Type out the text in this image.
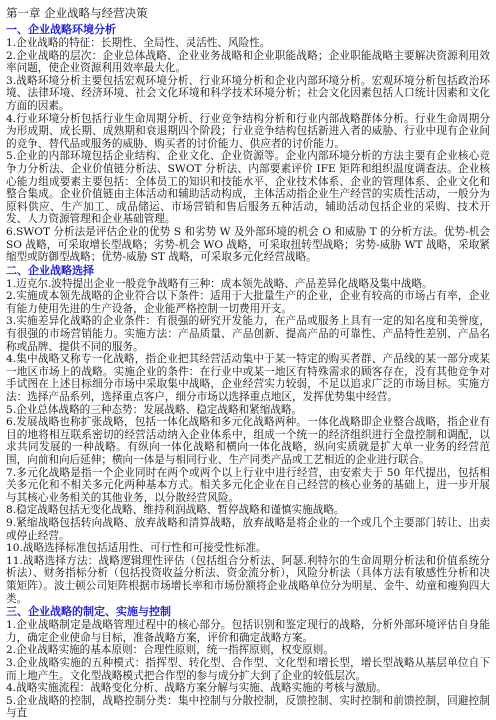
第一章 企业战略与经营决策
一、企业战略环境分析

1.企业战略的特征：长期性、全局性、灵活性、风险性。

2.企业战略的层次：企业总体战略、企业业务战略和企业职能战略；企业职能战略主要解决资源利用效率问题，使企业资源利用效率最大化。

3.战略环境分析主要包括宏观环境分析、行业环境分析和企业内部环境分析。宏观环境分析包括政治环境、法律环境、经济环境、社会文化环境和科学技术环境分析；社会文化因素包括人口统计因素和文化方面的因素。

4.行业环境分析包括行业生命周期分析、行业竞争结构分析和行业内部战略群体分析。行业生命周期分为形成期、成长期、成熟期和衰退期四个阶段；行业竞争结构包括新进入者的威胁、行业中现有企业间的竞争、替代品或服务的威胁、购买者的讨价能力、供应者的讨价能力。

5.企业的内部环境包括企业结构、企业文化、企业资源等。企业内部环境分析的方法主要有企业核心竞争力分析法、企业价值链分析法、SWOT 分析法、内部要素评价 IFE 矩阵和组织温度调查法。企业核心能力组成要素主要包括：全体员工的知识和技能水平、企业技术体系、企业的管理体系、企业文化和整合集成。企业价值链由主体活动和辅助活动构成，主体活动指企业生产经营的实质性活动，一般分为原料供应、生产加工、成品储运、市场营销和售后服务五种活动，辅助活动包括企业的采购、技术开发、人力资源管理和企业基础管理。

6.SWOT 分析法是评估企业的优势 S 和劣势 W 及外部环境的机会 O 和威胁 T 的分析方法。优势-机会 SO 战略，可采取增长型战略；劣势-机会 WO 战略，可采取扭转型战略；劣势-威胁 WT 战略，采取紧缩型或防御型战略；优势-威胁 ST 战略，可采取多元化经营战略。

二、企业战略选择

1.迈克尔.波特提出企业一般竞争战略有三种：成本领先战略、产品差异化战略及集中战略。

2.实施成本领先战略的企业符合以下条件：适用于大批量生产的企业，企业有较高的市场占有率，企业有能力使用先进的生产设备，企业能严格控制一切费用开支。

3.实施差异化战略的企业条件：有很强的研究开发能力，在产品或服务上具有一定的知名度和美誉度，有很强的市场营销能力。实施方法：产品质量、产品创新、提高产品的可靠性、产品特性差别、产品名称或品牌、提供不同的服务。

4.集中战略又称专一化战略，指企业把其经营活动集中于某一特定的购买者群、产品线的某一部分或某一地区市场上的战略。实施企业的条件：在行业中或某一地区有特殊需求的顾客存在，没有其他竞争对手试图在上述目标细分市场中采取集中战略，企业经营实力较弱，不足以追求广泛的市场目标。实施方法：选择产品系列，选择重点客户，细分市场以选择重点地区，发挥优势集中经营。

5.企业总体战略的三种态势：发展战略、稳定战略和紧缩战略。

6.发展战略也称扩张战略，包括一体化战略和多元化战略两种。一体化战略即企业整合战略，指企业有目的地将相互联系密切的经营活动纳入企业体系中，组成一个统一的经济组织进行全盘控制和调配，以求共同发展的一种战略。有纵向一体化战略和横向一体化战略，纵向实质就是扩大单一业务的经营范围，向前和向后延伸；横向一体是与相同行业、生产同类产品或工艺相近的企业进行联合。

7.多元化战略是指一个企业同时在两个或两个以上行业中进行经营，由安索夫于 50 年代提出，包括相关多元化和不相关多元化两种基本方式。相关多元化企业在自己经营的核心业务的基础上，进一步开展与其核心业务相关的其他业务，以分散经营风险。

8.稳定战略包括无变化战略、维持利润战略、暂停战略和谨慎实施战略。

9.紧缩战略包括转向战略、放弃战略和清算战略，放弃战略是将企业的一个或几个主要部门转让、出卖或停止经营。

10.战略选择标准包括适用性、可行性和可接受性标准。

11.战略选择方法：战略逻辑理性评估（包括组合分析法、阿瑟.利特尔的生命周期分析法和价值系统分析法）、财务指标分析（包括投资收益分析法、资金流分析），风险分析法（具体方法有敏感性分析和决策矩阵）。波士顿公司矩阵根据市场增长率和市场份额将企业战略单位分为明星、金牛、幼童和瘦狗四大类。

三、企业战略的制定、实施与控制

1.企业战略制定是战略管理过程中的核心部分。包括识别和鉴定现行的战略，分析外部环境评估自身能力，确定企业使命与目标，准备战略方案，评价和确定战略方案。

2.企业战略实施的基本原则：合理性原则，统一指挥原则，权变原则。

3.企业战略实施的五种模式：指挥型、转化型、合作型、文化型和增长型，增长型战略从基层单位自下而上地产生。文化型战略模式把合作型的参与成分扩大到了企业的较低层次。

4.战略实施流程：战略变化分析、战略方案分解与实施、战略实施的考核与激励。

5.企业战略的控制，战略控制分类：集中控制与分散控制，反馈控制、实时控制和前馈控制，回避控制与直
